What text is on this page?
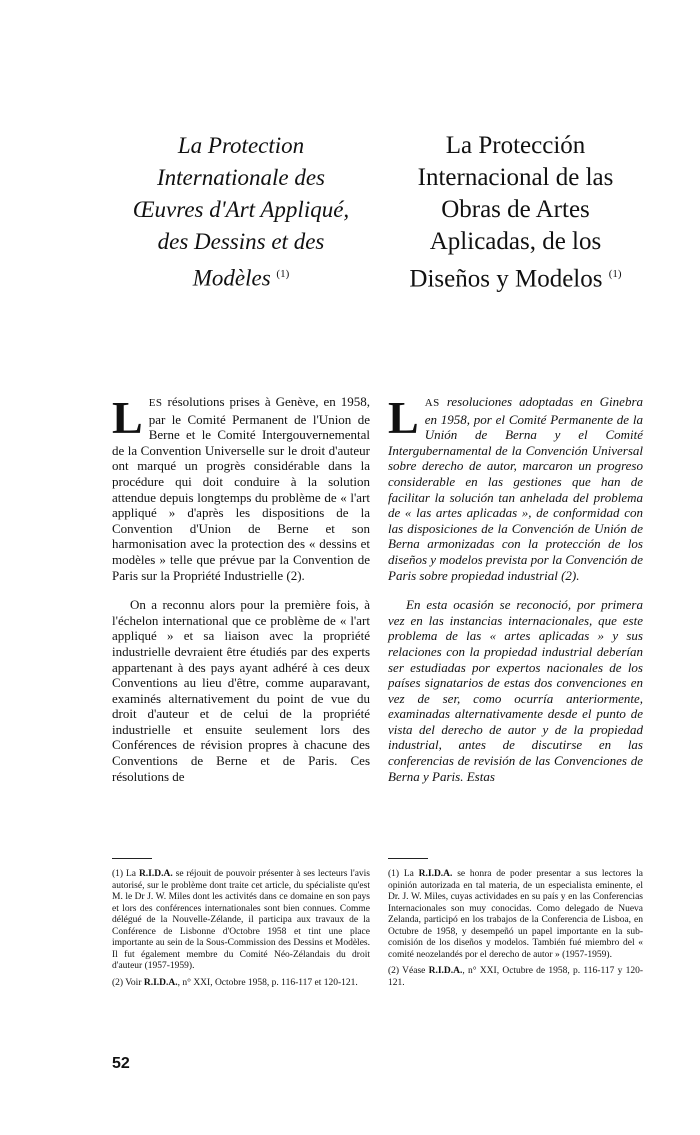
La Protection
Internationale des
Œuvres d'Art Appliqué,
des Dessins et des
Modèles $^{(1)}$

LES résolutions prises à Genève, en 1958, par le Comité Permanent de l'Union de Berne et le Comité Intergouvernemental de la Convention Universelle sur le droit d'auteur ont marqué un progrès considérable dans la procédure qui doit conduire à la solution attendue depuis longtemps du problème de « l'art appliqué » d'après les dispositions de la Convention d'Union de Berne et son harmonisation avec la protection des « dessins et modèles » telle que prévue par la Convention de Paris sur la Propriété Industrielle (2).

On a reconnu alors pour la première fois, à l'échelon international que ce problème de « l'art appliqué » et sa liaison avec la propriété industrielle devraient être étudiés par des experts appartenant à des pays ayant adhéré à ces deux Conventions au lieu d'être, comme auparavant, examinés alternativement du point de vue du droit d'auteur et de celui de la propriété industrielle et ensuite seulement lors des Conférences de révision propres à chacune des Conventions de Berne et de Paris. Ces résolutions de

(1) La R.I.D.A. se réjouit de pouvoir présenter à ses lecteurs l'avis autorisé, sur le problème dont traite cet article, du spécialiste qu'est M. le Dr J. W. Miles dont les activités dans ce domaine en son pays et lors des conférences internationales sont bien connues. Comme délégué de la Nouvelle-Zélande, il participa aux travaux de la Conférence de Lisbonne d'Octobre 1958 et tint une place importante au sein de la Sous-Commission des Dessins et Modèles. Il fut également membre du Comité Néo-Zélandais du droit d'auteur (1957-1959).

(2) Voir R.I.D.A., n° XXI, Octobre 1958, p. 116-117 et 120-121.

La Protección
Internacional de las
Obras de Artes
Aplicadas, de los
Diseños y Modelos $^{(1)}$

LAS resoluciones adoptadas en Ginebra en 1958, por el Comité Permanente de la Unión de Berna y el Comité Intergubernamental de la Convención Universal sobre derecho de autor, marcaron un progreso considerable en las gestiones que han de facilitar la solución tan anhelada del problema de « las artes aplicadas », de conformidad con las disposiciones de la Convención de Unión de Berna armonizadas con la protección de los diseños y modelos prevista por la Convención de Paris sobre propiedad industrial (2).

En esta ocasión se reconoció, por primera vez en las instancias internacionales, que este problema de las « artes aplicadas » y sus relaciones con la propiedad industrial deberían ser estudiadas por expertos nacionales de los países signatarios de estas dos convenciones en vez de ser, como ocurría anteriormente, examinadas alternativamente desde el punto de vista del derecho de autor y de la propiedad industrial, antes de discutirse en las conferencias de revisión de las Convenciones de Berna y Paris. Estas

(1) La R.I.D.A. se honra de poder presentar a sus lectores la opinión autorizada en tal materia, de un especialista eminente, el Dr. J. W. Miles, cuyas actividades en su país y en las Conferencias Internacionales son muy conocidas. Como delegado de Nueva Zelanda, participó en los trabajos de la Conferencia de Lisboa, en Octubre de 1958, y desempeñó un papel importante en la sub-comisión de los diseños y modelos. También fué miembro del « comité neozelandés por el derecho de autor » (1957-1959).

(2) Véase R.I.D.A., n° XXI, Octubre de 1958, p. 116-117 y 120-121.

52
